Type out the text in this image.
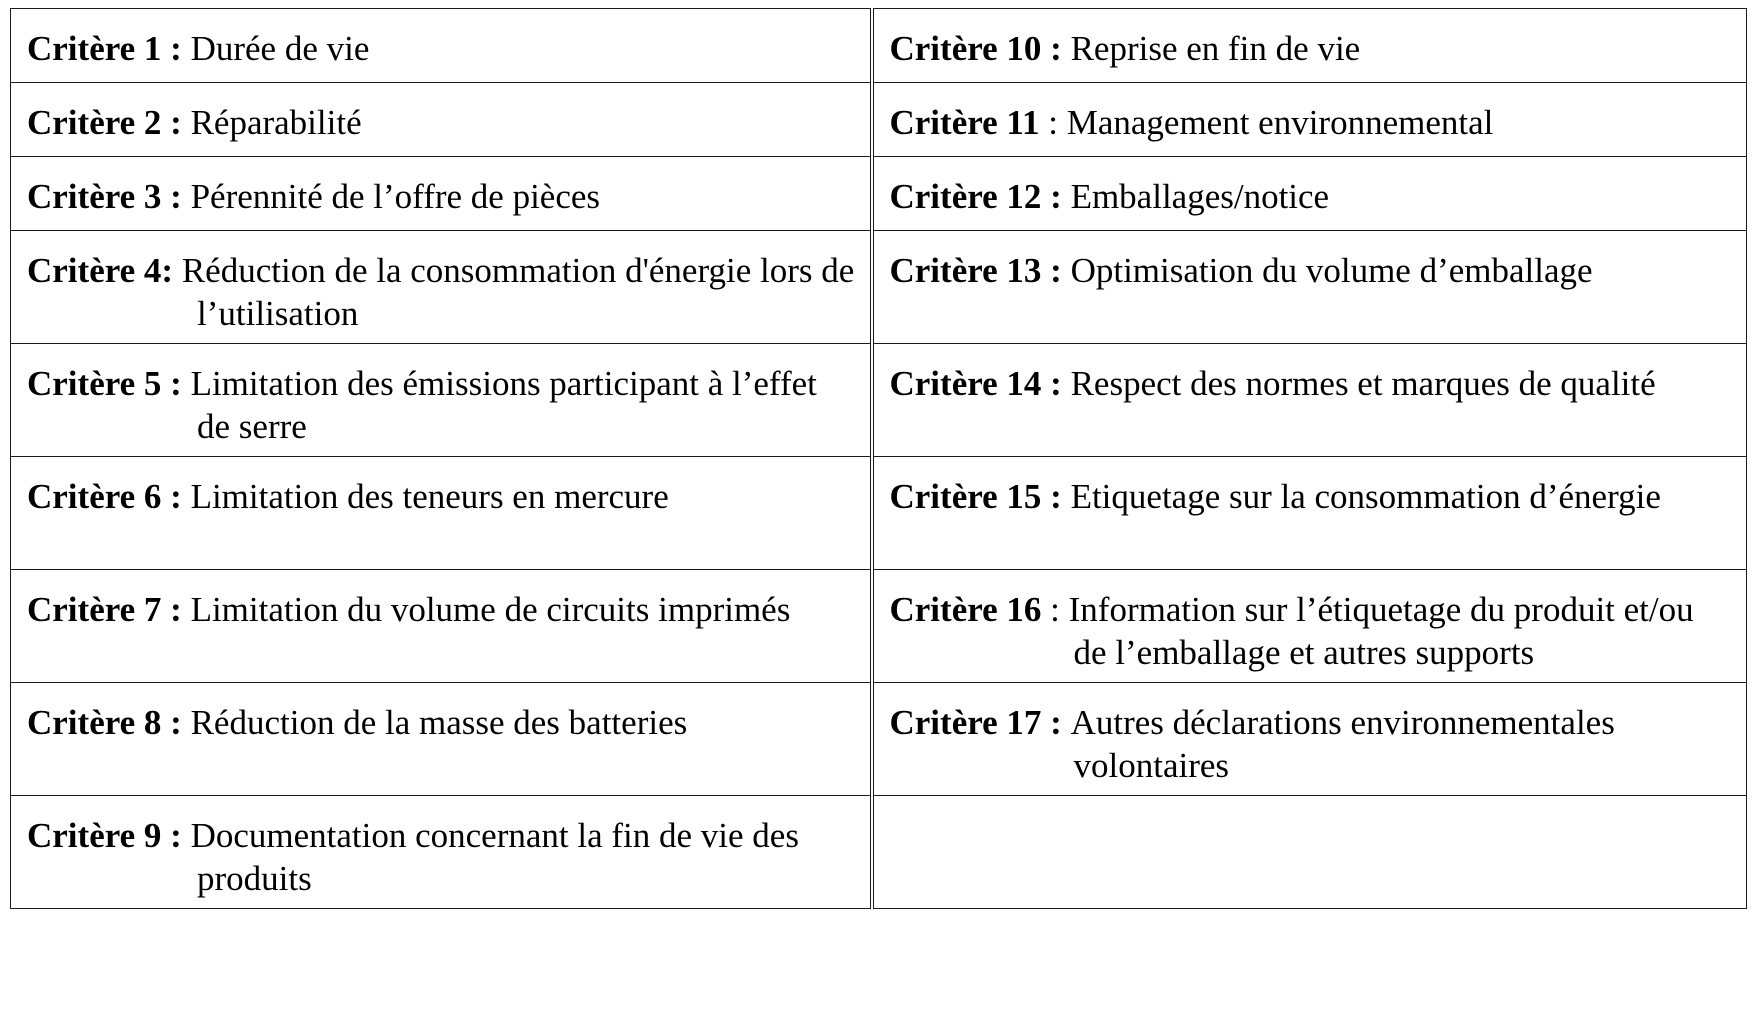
Critère 1 : Durée de vie	Critère 10 : Reprise en fin de vie

Critère 2 : Réparabilité	Critère 11 : Management environnemental

Critère 3 : Pérennité de l’offre de pièces	Critère 12 : Emballages/notice

Critère 4: Réduction de la consommation d'énergie lors de l’utilisation	Critère 13 : Optimisation du volume d’emballage

Critère 5 : Limitation des émissions participant à l’effet de serre	Critère 14 : Respect des normes et marques de qualité

Critère 6 : Limitation des teneurs en mercure	Critère 15 : Etiquetage sur la consommation d’énergie

Critère 7 : Limitation du volume de circuits imprimés	Critère 16 : Information sur l’étiquetage du produit et/ou de l’emballage et autres supports

Critère 8 : Réduction de la masse des batteries	Critère 17 : Autres déclarations environnementales volontaires

Critère 9 : Documentation concernant la fin de vie des produits	
